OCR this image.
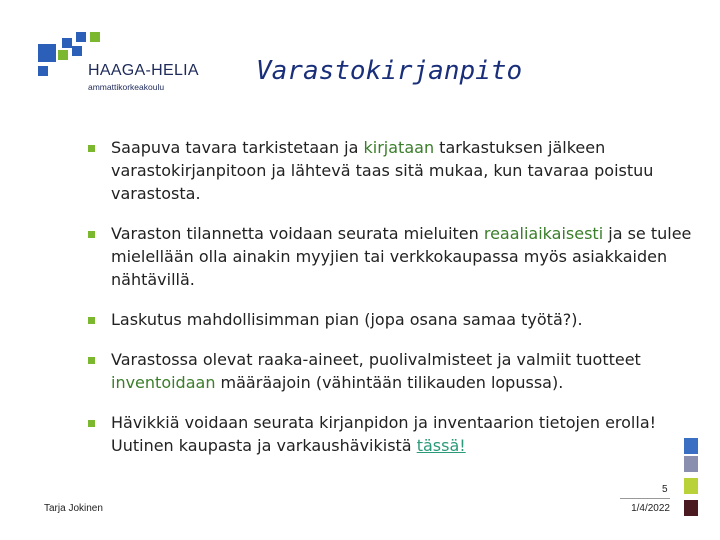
HAAGA-HELIA
ammattikorkeakoulu
Varastokirjanpito
Saapuva tavara tarkistetaan ja kirjataan tarkastuksen jälkeen varastokirjanpitoon ja lähtevä taas sitä mukaa, kun tavaraa poistuu varastosta.
Varaston tilannetta voidaan seurata mieluiten reaaliaikaisesti ja se tulee mielellään olla ainakin myyjien tai verkkokaupassa myös asiakkaiden nähtävillä.
Laskutus mahdollisimman pian (jopa osana samaa työtä?).
Varastossa olevat raaka-aineet, puolivalmisteet ja valmiit tuotteet inventoidaan määräajoin (vähintään tilikauden lopussa).
Hävikkiä voidaan seurata kirjanpidon ja inventaarion tietojen erolla! Uutinen kaupasta ja varkaushävikistä tässä!
5
Tarja Jokinen	1/4/2022
